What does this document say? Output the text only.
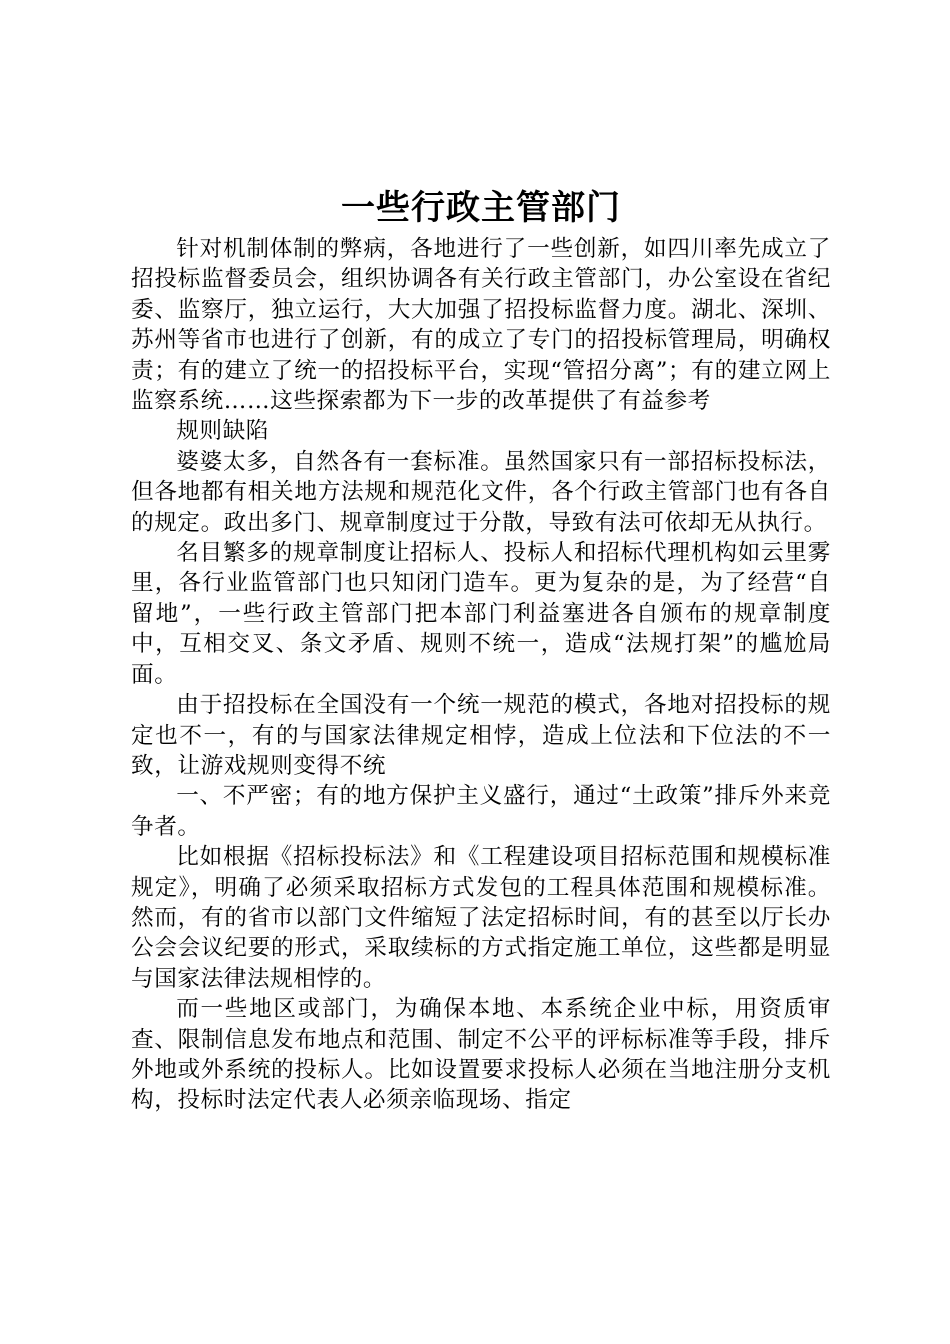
一些行政主管部门

针对机制体制的弊病，各地进行了一些创新，如四川率先成立了招投标监督委员会，组织协调各有关行政主管部门，办公室设在省纪委、监察厅，独立运行，大大加强了招投标监督力度。湖北、深圳、苏州等省市也进行了创新，有的成立了专门的招投标管理局，明确权责；有的建立了统一的招投标平台，实现“管招分离”；有的建立网上监察系统……这些探索都为下一步的改革提供了有益参考

规则缺陷

婆婆太多，自然各有一套标准。虽然国家只有一部招标投标法，但各地都有相关地方法规和规范化文件，各个行政主管部门也有各自的规定。政出多门、规章制度过于分散，导致有法可依却无从执行。

名目繁多的规章制度让招标人、投标人和招标代理机构如云里雾里，各行业监管部门也只知闭门造车。更为复杂的是，为了经营“自留地”，一些行政主管部门把本部门利益塞进各自颁布的规章制度中，互相交叉、条文矛盾、规则不统一，造成“法规打架”的尴尬局面。

由于招投标在全国没有一个统一规范的模式，各地对招投标的规定也不一，有的与国家法律规定相悖，造成上位法和下位法的不一致，让游戏规则变得不统

一、不严密；有的地方保护主义盛行，通过“土政策”排斥外来竞争者。

比如根据《招标投标法》和《工程建设项目招标范围和规模标准规定》，明确了必须采取招标方式发包的工程具体范围和规模标准。然而，有的省市以部门文件缩短了法定招标时间，有的甚至以厅长办公会会议纪要的形式，采取续标的方式指定施工单位，这些都是明显与国家法律法规相悖的。

而一些地区或部门，为确保本地、本系统企业中标，用资质审查、限制信息发布地点和范围、制定不公平的评标标准等手段，排斥外地或外系统的投标人。比如设置要求投标人必须在当地注册分支机构，投标时法定代表人必须亲临现场、指定
